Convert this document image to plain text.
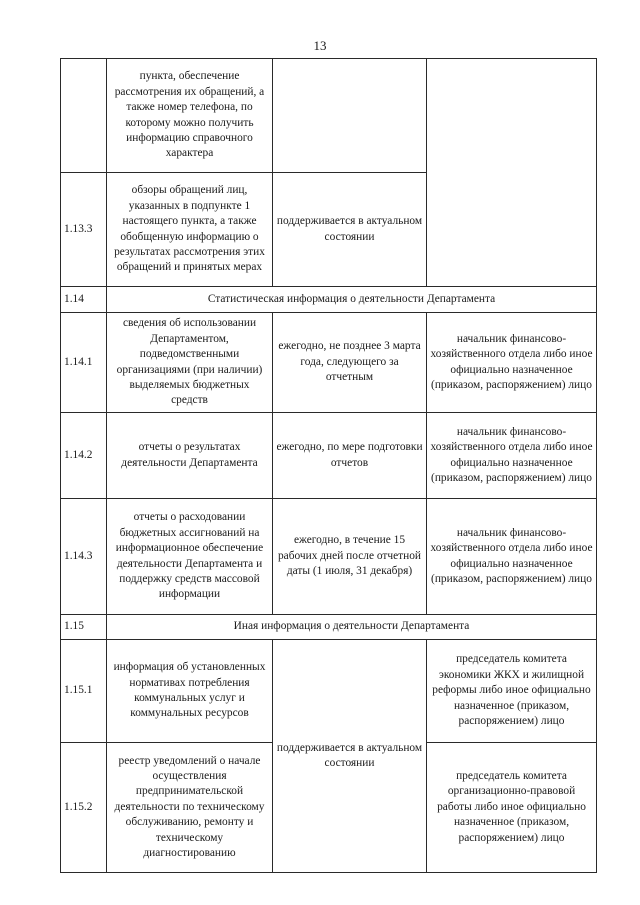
13
	пункта, обеспечение рассмотрения их обращений, а также номер телефона, по которому можно получить информацию справочного характера		
1.13.3	обзоры обращений лиц, указанных в подпункте 1 настоящего пункта, а также обобщенную информацию о результатах рассмотрения этих обращений и принятых мерах	поддерживается в актуальном состоянии	
1.14	Статистическая информация о деятельности Департамента		
1.14.1	сведения об использовании Департаментом, подведомственными организациями (при наличии) выделяемых бюджетных средств	ежегодно, не позднее 3 марта года, следующего за отчетным	начальник финансово-хозяйственного отдела либо иное официально назначенное (приказом, распоряжением) лицо
1.14.2	отчеты о результатах деятельности Департамента	ежегодно, по мере подготовки отчетов	начальник финансово-хозяйственного отдела либо иное официально назначенное (приказом, распоряжением) лицо
1.14.3	отчеты о расходовании бюджетных ассигнований на информационное обеспечение деятельности Департамента и поддержку средств массовой информации	ежегодно, в течение 15 рабочих дней после отчетной даты (1 июля, 31 декабря)	начальник финансово-хозяйственного отдела либо иное официально назначенное (приказом, распоряжением) лицо
1.15	Иная информация о деятельности Департамента		
1.15.1	информация об установленных нормативах потребления коммунальных услуг и коммунальных ресурсов	поддерживается в актуальном состоянии	председатель комитета экономики ЖКХ и жилищной реформы либо иное официально назначенное (приказом, распоряжением) лицо
1.15.2	реестр уведомлений о начале осуществления предпринимательской деятельности по техническому обслуживанию, ремонту и техническому диагностированию		председатель комитета организационно-правовой работы либо иное официально назначенное (приказом, распоряжением) лицо
